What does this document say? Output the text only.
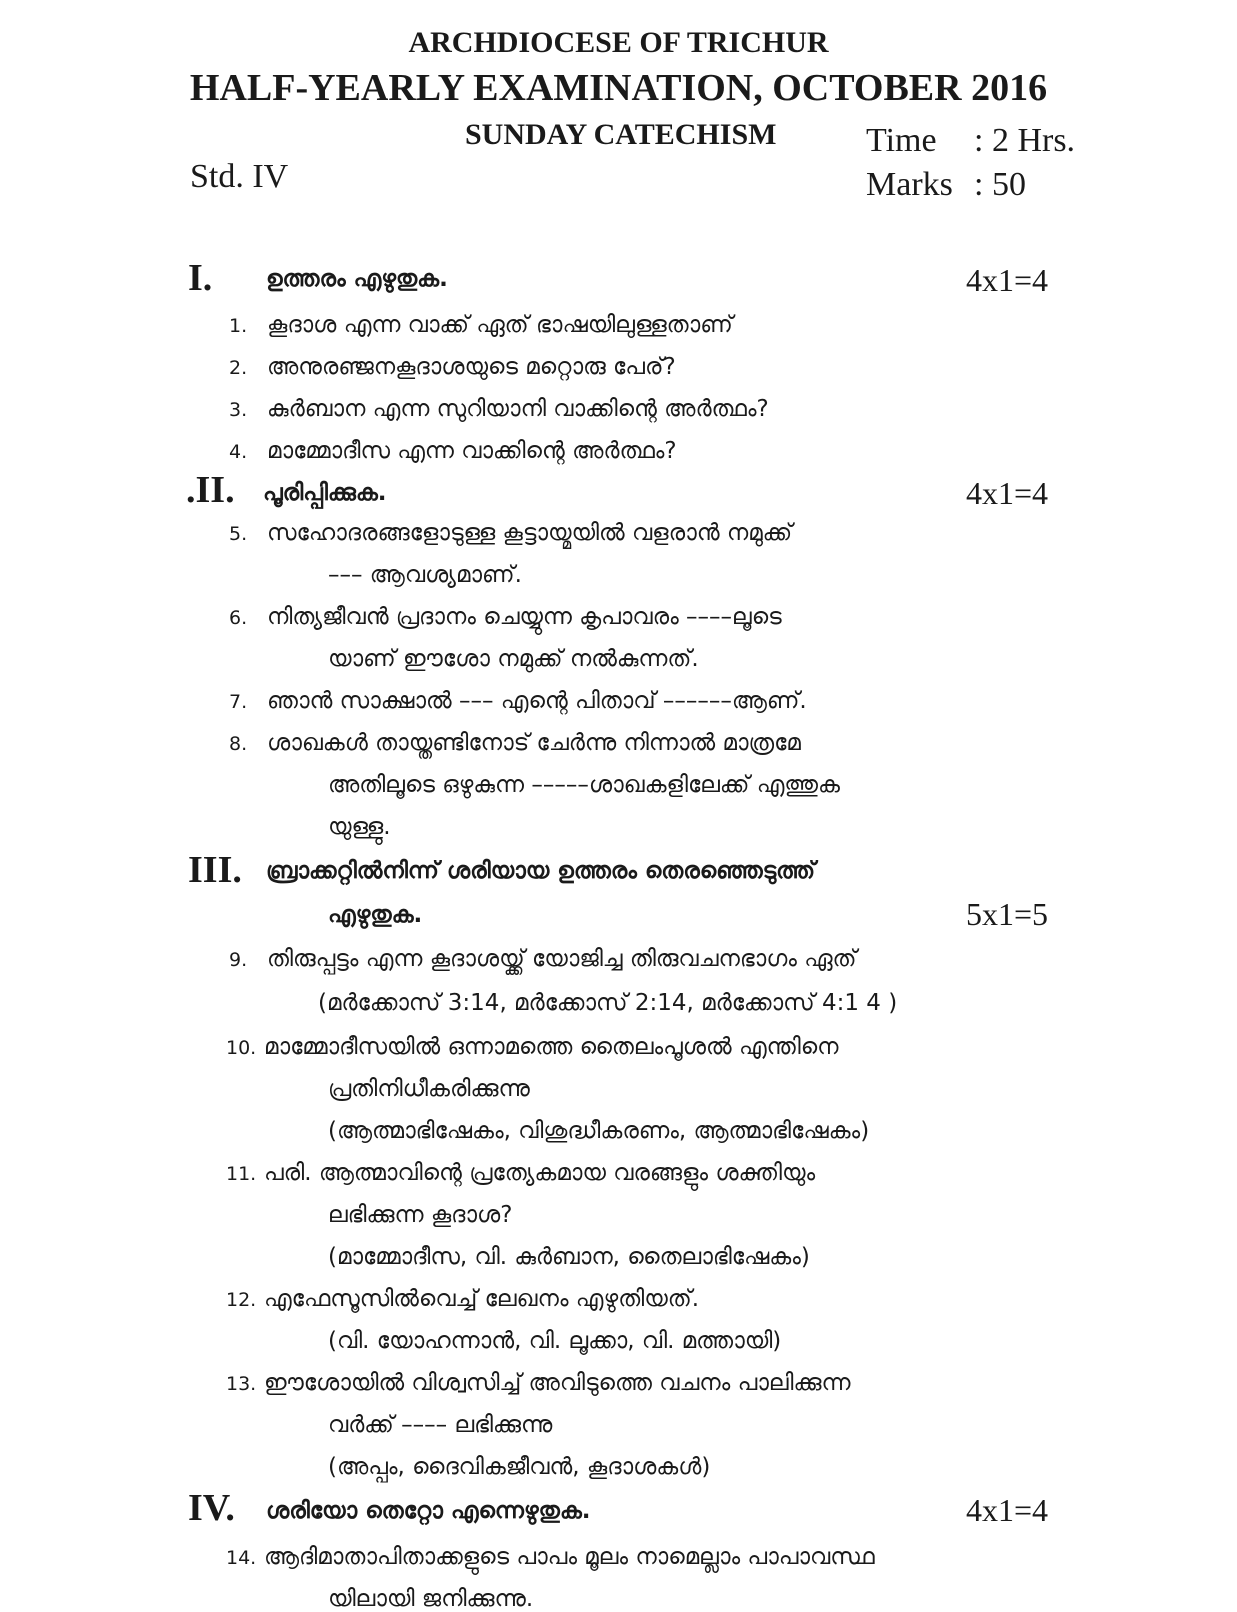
ARCHDIOCESE OF TRICHUR
HALF-YEARLY EXAMINATION, OCTOBER 2016
SUNDAY CATECHISM
Std. IV
Time : 2 Hrs.
Marks : 50
I. ഉത്തരം എഴുതുക.	4x1=4
1. കൂദാശ എന്ന വാക്ക് ഏത് ഭാഷയിലുള്ളതാണ്
2. അനുരഞ്ജനകൂദാശയുടെ മറ്റൊരു പേര്?
3. കുർബാന എന്ന സുറിയാനി വാക്കിന്റെ അർത്ഥം?
4. മാമ്മോദീസ എന്ന വാക്കിന്റെ അർത്ഥം?
.II. പൂരിപ്പിക്കുക.	4x1=4
5. സഹോദരങ്ങളോടുള്ള കൂട്ടായ്മയിൽ വളരാൻ നമുക്ക്
––– ആവശ്യമാണ്.
6. നിത്യജീവൻ പ്രദാനം ചെയ്യുന്ന കൃപാവരം ––––ലൂടെ
യാണ് ഈശോ നമുക്ക് നൽകുന്നത്.
7. ഞാൻ സാക്ഷാൽ ––– എന്റെ പിതാവ് ––––––ആണ്.
8. ശാഖകൾ തായ്തണ്ടിനോട് ചേർന്നു നിന്നാൽ മാത്രമേ
അതിലൂടെ ഒഴുകുന്ന –––––ശാഖകളിലേക്ക് എത്തുക
യുള്ളു.
III. ബ്രാക്കറ്റിൽനിന്ന് ശരിയായ ഉത്തരം തെരഞ്ഞെടുത്ത്
എഴുതുക.	5x1=5
9. തിരുപ്പട്ടം എന്ന കൂദാശയ്ക്ക് യോജിച്ച തിരുവചനഭാഗം ഏത്
(മർക്കോസ് 3:14, മർക്കോസ് 2:14, മർക്കോസ് 4:1 4 )
10. മാമ്മോദീസയിൽ ഒന്നാമത്തെ തൈലംപൂശൽ എന്തിനെ
പ്രതിനിധീകരിക്കുന്നു
(ആത്മാഭിഷേകം, വിശുദ്ധീകരണം, ആത്മാഭിഷേകം)
11. പരി. ആത്മാവിന്റെ പ്രത്യേകമായ വരങ്ങളും ശക്തിയും
ലഭിക്കുന്ന കൂദാശ?
(മാമ്മോദീസ, വി. കുർബാന, തൈലാഭിഷേകം)
12. എഫേസൂസിൽവെച്ച് ലേഖനം എഴുതിയത്.
(വി. യോഹന്നാൻ, വി. ലൂക്കാ, വി. മത്തായി)
13. ഈശോയിൽ വിശ്വസിച്ച് അവിടുത്തെ വചനം പാലിക്കുന്ന
വർക്ക് –––– ലഭിക്കുന്നു
(അപ്പം, ദൈവികജീവൻ, കൂദാശകൾ)
IV. ശരിയോ തെറ്റോ എന്നെഴുതുക.	4x1=4
14. ആദിമാതാപിതാക്കളുടെ പാപം മൂലം നാമെല്ലാം പാപാവസ്ഥ
യിലായി ജനിക്കുന്നു.
